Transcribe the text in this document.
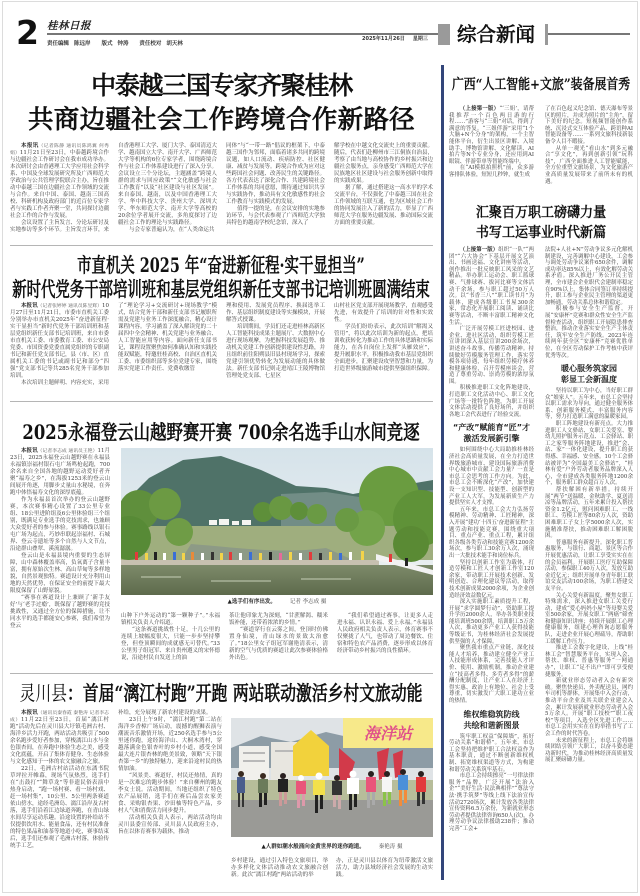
2 桂林日报
责任编辑 陈远岸 版式 钟涛 责任校对 胡天林
2025年11月26日 星期三 综合新闻
中泰越三国专家齐聚桂林
共商边疆社会工作跨境合作新路径

本报讯（记者陈静 通讯员陈鸿翼 何秀娟）11月21日至23日，中泰越跨境合作与边疆社会工作研讨会在我市成功举办。本次研讨会由香港理工大学应用社会科学系、中国及全球发展研究所及广西师范大学政治与公共管理学院联合主办，旨在推动中泰越三国在边疆社会工作领域的交流与合作。来自中国、泰国、越南三国高校、科研机构及政府部门的近百位专家学者与实践工作者齐聚一堂，共同探讨边疆社会工作的合作与发展。

会议设置了主旨发言、分论坛研讨及实地参访等多个环节。主旨发言环节，来

自香港理工大学、厦门大学、泰国清迈大学、越南国立大学、南开大学、广西师范大学等机构的6位专家学者，围绕跨境合作与社会工作体系建设进行了深入分享。会议设立三个分论坛，主题涵盖“跨境人群的需求与回应政策”“文化敏感与社会工作教育”以及“社区建设与社区发展”。来自泰国、越南，以及中国香港理工大学、华中科技大学、贵州大学、深圳大学、华东师范大学、南开大学等高校的20余位学者展开交流，多角度探讨了边疆社会工作的理论与实践路径。

与会专家普遍认为，在“人类命运共

同体”与“一带一路”倡议的框架下，中泰越三国作为邻邦，面临着诸多共同的跨境议题，如人口流动、疾病防控、社区健康、减贫与发展等。跨境合作成为应对这些跨国社会问题、改善民生的关键路径。各方代表表达了深化合作、共建跨境社会工作体系的共同意愿，期待通过知识共享与实践协作，推动具有文化敏感性的社会工作教育与实践模式的发展。

值得一提的是，在会议安排的实地参访环节，与会代表参观了广西师范大学独具特色的越南学校纪念馆，深入了

解学校在中越文化交流史上的重要贡献。随后，代表们赴柳州市三江侗族自治县，考察了由当地与高校协作的乡村振兴和边疆社会服务点，亲身感受广西师范大学在民族地区社区建设与社会服务创新中取得的实践成果。

据了解，通过搭建这一高水平的学术交流平台，不仅强化了中泰越三国在社会工作领域的互联互通，也为区域社会工作的协同发展注入了新的活力，彰显了广西师范大学在服务边疆发展、推动国际交流方面的重要贡献。

市直机关 2025 年“奋进新征程·实干显担当”
新时代党务干部培训班和基层党组织新任支部书记培训班圆满结束

本报讯（记者张婷婷 通讯员陈昱辉）10月27日至11月21日，市委市直机关工委分别举办市直机关2025年“奋进新征程·实干显担当”新时代党务干部培训班和基层党组织新任支部书记培训班，来自市委市直机关工委、市委教育工委、市公安局党委、市国资委党委直属党组织的专职副书记和新任党支部书记，县（市、区）直属机关工委的书记或副书记和部分“四强”党支部书记等共285名党务干部参加培训。

本次培训主题鲜明、内容充实，采用

了“理论学习+交流研讨+现场教学”模式，结合党务干部和新任支部书记履职所需及党建与业务工作深度融合，精心设计课程内容。学习涵盖了深入解读党的二十届四中全会精神、机关党建与业务融合、人工智能应用等内容。面向新任支部书记，课程设置聚焦如何准确认知和实践投能双赋能，特邀驻桂高校、自治区直机关工委、市委组织部等多位党建专家，围绕落实党建工作责任、党费收缴管

理和使用、发展党员程序、换届选举工作、基层组织制度建设等实操模块，开展解答式授课。

培训期间，学员们还走进桂林高新区人工智能科技成果主题展厅、大数据中心进行现场观摩，为把握科技发展趋势、推动机关党建工作创新提供建设性思路，并且组织前往阳朔县旧县村现场学习，探索党建引领优势转化为发展动能的具体做法。新任支部书记则走进靖江王陵博物馆管理处党支部、七星区

山村社区党支部开展现场教学，直观感受先进，有效提升了培训的针对性和实效性。

学员们纷纷表示，此次培训“解渴又管用”，将以此次培训为新的起点，把培训收获转化为推动工作的具体思路和实际能力，在各自岗位上发挥“头雁效应”，提升履职水平，积极推动我市基层党组织全面进步，汇聚建设攻坚智慧和力量，为打造世界级旅游城市提供坚强组织保障。

2025永福登云山越野赛开赛 700余名选手山水间竞逐

本报讯（记者李志成 通讯员王艳）11月23日，2025永福登云山越野赛在永福县永福镇崇福村银石屯广场鸣枪起跑，700余名来自全国各地的越野运动爱好者齐聚“福寿之乡”，在海拔1253米的登云山间展开角逐，用脚步丈量山水秘境，在奔跑中体悟福寿文化的深厚底蕴。

作为永福县首次举办的登云山越野赛，本次赛事精心设置了33公里专业组、18公里进阶组及6公里体验组三个组别，既满足专业选手的竞技需求，也兼顾大众爱好者的参与体验。赛事路线以银石屯广场为起点，巧妙串联起崇福村、石城界、登云寺遗址等多个自然与人文节点，沿途群山叠翠、溪流潺潺。

登云山是永福县境内重要的生态屏障，山中森林覆盖率高，负氧离子含量丰富，拥有原始次生林、高山草甸等多样地貌，自然景观独特。赛道设计充分利用山地的天然优势，在保证安全的前提下最大限度保留了山野原貌。

“赛事在赛道设计上兼顾了‘新手友好’与‘老手过瘾’，既保留了越野赛的竞技挑战性，又通过全方位的保障措施，让不同水平的选手都能安心参赛，我们希望为登云

▲选手们有序出发。	记者 李志成 摄

山种下户外运动的“第一颗种子”。”永福镇相关负责人介绍道。

“这条赛道挑战性十足，十几公里的连续上坡幅度很大，只能一步步坚持攀登，但登顶瞬间的成就感无可替代。”33公里男子组冠军、来自贵州遵义的宋怀德说，沿途村民自发送上的油

茶让他印象尤为深刻，“甘蔗解渴、糯米饭补能，还带着浓浓的乡情。”

“赛道穿行在云雾之间，登顶时仿佛置身仙境，青山绿水的景致太治愈了。”18公里女子组冠军谢艳清表示，清新的空气与优质的赛道让此次参赛体验格外出色。

“我们希望通过赛事，让更多人走进永福、认识永福、爱上永福。”永福县人民政府相关负责人表示，体育赛事不仅聚拢了人气，也带动了周边餐饮、住宿和特色农产品消费，逐步形成以体育经济带动乡村振兴的良性循环。

灵川县：首届“漓江村跑”开跑 两站联动激活乡村文旅动能

本报讯（通讯员秦春霞 秦艳涛 记者李志成）11月22日至23日，首届“漓江村跑”活动先后在灵川县大圩镇毛洲古村、海洋乡活力开跑，两站活动共吸引了500余名跑步爱好者参加，穿梭漓江山水与金色银杏间，在奔跑中体验生态之美，感受文化底蕴，开启了集体育健身、生态体验与文化感知于一体的农文旅融合之旅。

22日，毛洲古村站活动在东漓书院草坪拉开帷幕，现场气氛热烈，选手们在“击鼓打”“舞草龙”等非遗民俗表演中热身启动，“跑一场村赛、看一场村戏、赶一场村集”，10公里、5公里两条赛道依山傍水，途经毛洲岛、漓江沿岸及古村落，选手们沿着江边绿道奔跑，在青山绿水间尽享运动乐趣。沿途设置的补给站不仅提供饮用水、能量食品，还有村民准备的特色果品和油茶等地道小吃，赛事结束后，选手们还参观了毛洲古村落，体验传统手工艺，

补给，充分展现了新农村建设的成果。

23日上午9时，“漓江村跑”第二站在海洋乡香樟广场启动，震撼的醒狮表演与潮流音乐激情开场，近250名选手参与5公里迷你跑，途经海洋山、大桐木湾村，穿越落满金色银杏叶的乡村小道，感受全国最大连片银杏林的绝美景致，领略“天下银杏第一乡”的独特魅力，迎来沿途村民的热情加油。

“风景美、赛道好，村民还热情，真的是一次难忘的跑步体验！”来自柳州的跑友李女士说。活动期间，当地还组织了特色农产品展销，选手们在赛后品尝农家美食、采购银杏果、沙田柚等特色产品，乡村人气和消费活力同步提升。

活动相关负责人表示，两站活动均由灵川县委宣传部、灵川县人民政府主办，旨在以体育赛事为载体，推动

海洋站
▲人群如潮水般涌向金黄世界的迷你跑道。	秦艳涛 摄

乡村建设，通过引入特色文旅项目，举办多样化文体活动推动农文旅融合创新。此次“漓江村跑”两站活动的举

办，正是灵川县以体育为纽带激活文旅活力，助力县域经济社会发展的生动实践。

广西“人工智能+文旅”装备展首秀

（上接第一版）“‘三姐’，请帮我推荐一个百色两日游的行程……”游客与“三姐”对话，得到了满意的答复。“三姐伴游”采用“1个大脑+N个分身”的架构，一个主智能体平台，衍生出景区讲解、入境助手、博物馆讲解、文化解读、AI拍片等N个专业分身，还应用到AI眼镜、伴游带单等智能终端中。

在“AI模拟拍照机”前，众多游客排队体验，短短几秒钟，就生成

了在百色起义纪念馆、德天瀑布等景区的照片，并成为照片的“主角”，留下美好的纪念。短视频智能创作系统、沉浸式交互体验产品、跨语种AI智能设备等……一系列文旅科技新装备令人目不暇接。

从单一观光“看山水”到多元融合“享文化”，再到创新引领“玩科技”，广西全面推进人工智能赋能，全方位重塑文旅场景，为文化旅游产业高质量发展带来了前所未有的机遇。

汇聚百万职工磅礴力量
书写工运事业时代新篇

（上接第一版）组织“一队”“两团”“六大协会”下基层开展文艺演出、书画送福、文化讲座等活动，创作推出一批反映职工风采的文艺精品。举办职工运动会、职工篮球赛、气排球赛、拔河比赛等文体活动千余场，参与职工超过50万人次。以“书香三八”“职工读书月”为载体，建成各级职工书屋300余家，常态化开展职工阅读、诵读比赛等活动，不断丰富职工精神文化生活。

广泛开展劳模工匠进校园、进企业、进社区活动，组织劳模工匠宣讲团深入基层宣讲200余场次，讲述奋斗故事，传播劳动精神。持续做好劳模服务管理工作，落实劳模各项待遇，每年组织劳模疗休养和健康体检，召开劳模座谈会，营造了尊重劳动、崇尚劳模的浓厚氛围。

积极推进职工文化阵地建设，打造职工文化活动中心、职工文化广场等一批特色阵地，为职工开展文体活动提供了良好场所，并组织各地工会代表进行了经验交流。

“产改”赋能育“匠”才
激活发展新引擎

如何围绕中心大局助推桂林经济社会高质量发展，在全力打造世界级旅游城市、建设国际旅游消费中心城市中贡献工会力量？一直是市总工会思考的工作方向。为此，市总工会不断深化“产改”，加快建设一支知识型、技能型、创新型的产业工人大军，为发展新质生产力提供坚实人才支撑。

五年来，市总工会大力弘扬劳模精神、劳动精神、工匠精神，深入开展“建功‘十四五’奋进新征程”主题劳动和技能竞赛，围绕重大项目、重点产业、重点工程，累计组织各级各类劳动和技能竞赛1200余场次，参与职工30余万人次，涌现出一大批技术能手和岗位标兵。

坚持以创新工作室为载体，打造劳模和工匠人才创新工作室120余家，带动职工开展技术创新、发明创造、合理化建议等活动，取得技术创新成果2000余项，为企业创造经济效益数亿元。

深入实施职工素质提升工程，开展“求学圆梦行动”，资助职工提升学历2000余人，举办各类职业技能培训班500余期，培训职工5万余人次，推动更多产业工人获得技能等级证书，为桂林经济社会发展提供坚强的人才保障。

聚焦我市重点产业链，深化技能人才培养，推动建立健全产业工人技能形成体系，完善技能人才评价、使用、激励机制，推动企业建立“技高者多得、多劳者多得”的薪酬分配制度，让产业工人在经济上得实惠、政治上有地位、社会上受尊重，切实激发广大职工建功立业的热情。

维权维稳筑防线
共绘和谐新图景

筑牢职工权益“保障墙”，拓好劳动关系“和谐桥”。五年来，市总工会坚持把维护职工合法权益作为基本职责，通过不断创新维权机制、拓宽维权渠道等方式，为构建和谐劳动关系筑牢基石。

市总工会持续擦亮“一号律法律服务”品牌，广泛开展“法治入企”“美好生活·民法典相伴”“尊法守法·携手筑梦”等线上线下法治宣传活动2720场次，累计发放各类法律宣传资料6.5万余份，为新就业形态劳动者提供法律咨询650人(次)，办理劳动争议法律援助238件；推动完善“工会+

法院+人社+N”劳动争议多元化解机制建设，完善调解中心建设，工会参与调处劳动争议案件650余件，调解成功率达85%以上，有效化解劳动关系矛盾。深入推进厂务公开民主管理，全市建会企业职代会建制率稳定在90%以上，集体合同签订率持续提升，职工参与企业民主管理的渠道更加畅通，劳动关系总体和谐稳定。

积极参与安全生产监督，开展“安康杯”竞赛和群众性安全生产监督检查活动，组织职工开展隐患排查整治，推动企业落实安全生产主体责任，筑牢安全生产防线。2023年连续两年获全区“安康杯”竞赛优胜单位，在全区劳动保护工作考核中获评优秀等次。

暖心服务筑家园
彰显工会新温度

坚持以职工为中心，当好职工群众“娘家人”。五年来，市总工会坚持以职工需求为导向，通过健全服务体系、创新服务模式、丰富服务内容等，努力打造职工满意的温暖家园。

职工阵地建设有新亮点。大力推进职工人文驿站、女职工关爱室、婴幼儿照护服务示范点、工会驿站、职工之家等服务阵地建设，推进“会、站、家”一体化建设，提升职工的获得感、幸福感、安全感。10个工会驿站被评为“全国最美工会驿站”，“桂林有爱”户外劳动者服务品牌深入人心，全市建成各类服务阵地1200余个，服务职工群众超百万人次。

帮扶解困有新举措。持续开展“两节”送温暖、金秋助学、夏送清凉等品牌活动，五年来累计投入帮扶资金1.2亿元，慰问困难职工、一线职工、劳模工匠等80余万人次，资助困难职工子女上学5000余人次，实施精准帮扶，推动困难职工解困脱困。

普惠服务有新提升。深化职工普惠服务，与银行、商超、景区等合作开展优惠活动，让职工享受实实在在的会员福利。开展职工医疗互助保障活动，参保职工40万人次，发放互助金近亿元；组织开展单身青年职工联谊交友活动100余场，为职工搭建交友平台。

关心关爱有新温度。聚焦女职工特殊需求，深入推进女职工关爱行动，建成“爱心妈妈小屋”等母婴关爱室500余家，开展女职工“两癌”筛查和健康知识讲座；持续开展职工心理健康服务，组建心理咨询志愿服务队，走进企业开展心理疏导，帮助职工缓解工作压力。

推进工会数字化建设，上线“桂林工会”智慧服务平台，实现入会、帮扶、维权、普惠等服务“一网通办”，让职工“足不出户”即可享受便捷服务。

新就业形态劳动者入会有新突破。聚焦快递员、外卖配送员、网约车司机等群体，开展集中入会行动，推动平台企业及其关联企业建会入会，累计发展新就业形态劳动者入会5万余人。开展“职工技校”“职工夜校”等项目，入选全区先进工作……市总工会用实实在在的举措书写了工会工作的时代答卷。

未来的新征程上，市总工会将继续团结引领广大职工，以奋斗姿态建功新时代，为推动桂林经济高质量发展汇聚磅礴力量。
